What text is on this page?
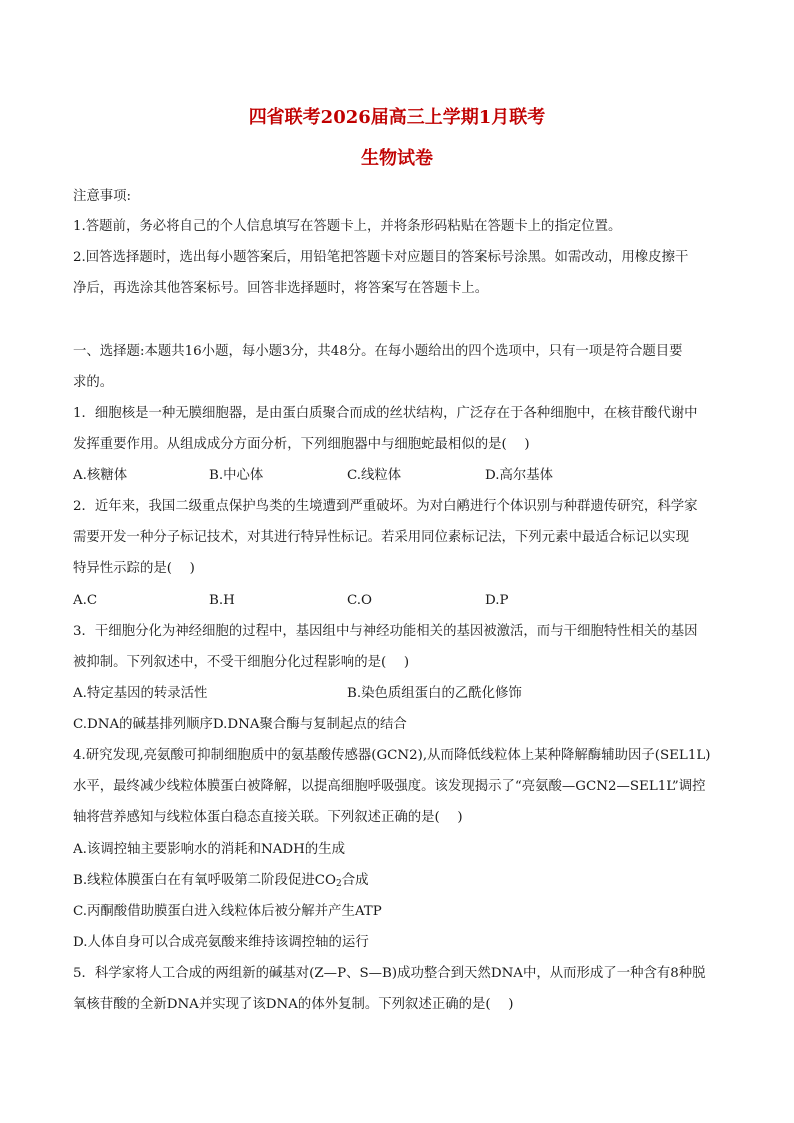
四省联考2026届高三上学期1月联考
生物试卷
注意事项:
1.答题前，务必将自己的个人信息填写在答题卡上，并将条形码粘贴在答题卡上的指定位置。
2.回答选择题时，选出每小题答案后，用铅笔把答题卡对应题目的答案标号涂黑。如需改动，用橡皮擦干
净后，再选涂其他答案标号。回答非选择题时，将答案写在答题卡上。
一、选择题:本题共16小题，每小题3分，共48分。在每小题给出的四个选项中，只有一项是符合题目要
求的。
1．细胞核是一种无膜细胞器，是由蛋白质聚合而成的丝状结构，广泛存在于各种细胞中，在核苷酸代谢中
发挥重要作用。从组成成分方面分析，下列细胞器中与细胞蛇最相似的是(　 )
A.核糖体	B.中心体	C.线粒体	D.高尔基体
2．近年来，我国二级重点保护鸟类的生境遭到严重破坏。为对白鹇进行个体识别与种群遗传研究，科学家
需要开发一种分子标记技术，对其进行特异性标记。若采用同位素标记法，下列元素中最适合标记以实现
特异性示踪的是(　 )
A.C	B.H	C.O	D.P
3．干细胞分化为神经细胞的过程中，基因组中与神经功能相关的基因被激活，而与干细胞特性相关的基因
被抑制。下列叙述中，不受干细胞分化过程影响的是(　 )
A.特定基因的转录活性	B.染色质组蛋白的乙酰化修饰
C.DNA的碱基排列顺序D.DNA聚合酶与复制起点的结合
4.研究发现,亮氨酸可抑制细胞质中的氨基酸传感器(GCN2),从而降低线粒体上某种降解酶辅助因子(SEL1L)
水平，最终减少线粒体膜蛋白被降解，以提高细胞呼吸强度。该发现揭示了“亮氨酸—GCN2—SEL1L”调控
轴将营养感知与线粒体蛋白稳态直接关联。下列叙述正确的是(　 )
A.该调控轴主要影响水的消耗和NADH的生成
B.线粒体膜蛋白在有氧呼吸第二阶段促进$CO_2$合成
C.丙酮酸借助膜蛋白进入线粒体后被分解并产生ATP
D.人体自身可以合成亮氨酸来维持该调控轴的运行
5．科学家将人工合成的两组新的碱基对(Z—P、S—B)成功整合到天然DNA中，从而形成了一种含有8种脱
氧核苷酸的全新DNA并实现了该DNA的体外复制。下列叙述正确的是(　 )
